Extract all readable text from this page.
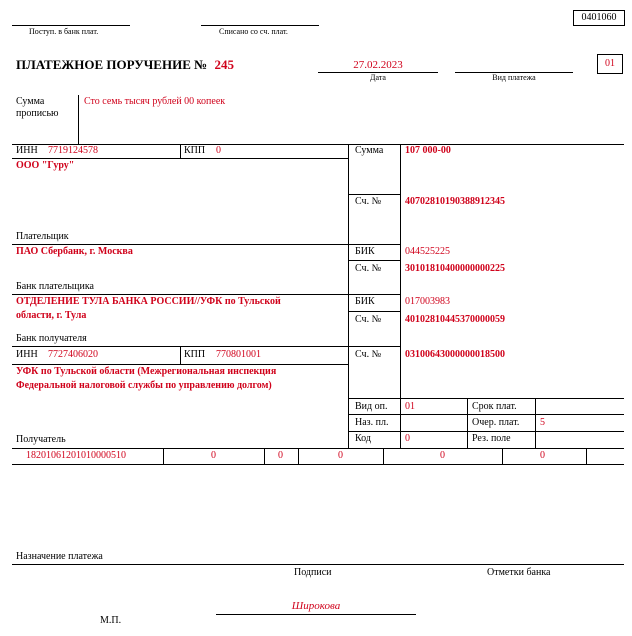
0401060
Поступ. в банк плат.	Списано со сч. плат.
ПЛАТЕЖНОЕ ПОРУЧЕНИЕ № 245	27.02.2023
Дата	Вид платежа
01
Сумма
прописью
Сто семь тысяч рублей 00 копеек
ИНН 7719124578	КПП 0	Сумма 107 000-00
ООО "Гуру"
Сч. № 40702810190388912345
Плательщик
ПАО Сбербанк, г. Москва	БИК	044525225
Сч. № 30101810400000000225
Банк плательщика
ОТДЕЛЕНИЕ ТУЛА БАНКА РОССИИ//УФК по Тульской
области, г. Тула
БИК	017003983
Сч. № 40102810445370000059
Банк получателя
ИНН 7727406020	КПП 770801001	Сч. № 03100643000000018500
УФК по Тульской области (Межрегиональная инспекция
Федеральной налоговой службы по управлению долгом)
Получатель
Вид оп. 01	Срок плат.
Наз. пл.	Очер. плат. 5
Код	0	Рез. поле
18201061201010000510	0	0	0	0	0
Назначение платежа
Подписи	Отметки банка
Широкова
М.П.
